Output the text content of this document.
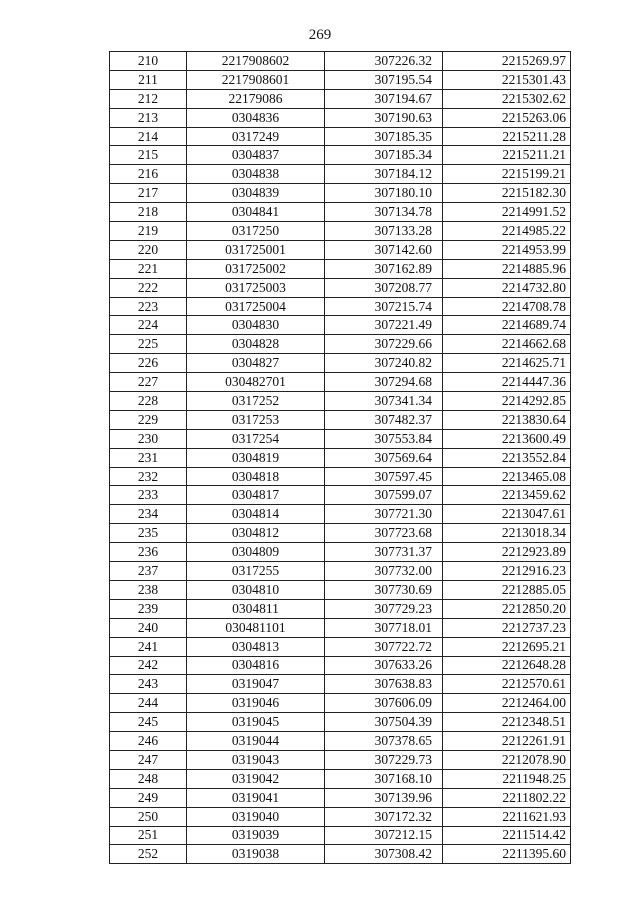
269
210	2217908602	307226.32	2215269.97
211	2217908601	307195.54	2215301.43
212	22179086	307194.67	2215302.62
213	0304836	307190.63	2215263.06
214	0317249	307185.35	2215211.28
215	0304837	307185.34	2215211.21
216	0304838	307184.12	2215199.21
217	0304839	307180.10	2215182.30
218	0304841	307134.78	2214991.52
219	0317250	307133.28	2214985.22
220	031725001	307142.60	2214953.99
221	031725002	307162.89	2214885.96
222	031725003	307208.77	2214732.80
223	031725004	307215.74	2214708.78
224	0304830	307221.49	2214689.74
225	0304828	307229.66	2214662.68
226	0304827	307240.82	2214625.71
227	030482701	307294.68	2214447.36
228	0317252	307341.34	2214292.85
229	0317253	307482.37	2213830.64
230	0317254	307553.84	2213600.49
231	0304819	307569.64	2213552.84
232	0304818	307597.45	2213465.08
233	0304817	307599.07	2213459.62
234	0304814	307721.30	2213047.61
235	0304812	307723.68	2213018.34
236	0304809	307731.37	2212923.89
237	0317255	307732.00	2212916.23
238	0304810	307730.69	2212885.05
239	0304811	307729.23	2212850.20
240	030481101	307718.01	2212737.23
241	0304813	307722.72	2212695.21
242	0304816	307633.26	2212648.28
243	0319047	307638.83	2212570.61
244	0319046	307606.09	2212464.00
245	0319045	307504.39	2212348.51
246	0319044	307378.65	2212261.91
247	0319043	307229.73	2212078.90
248	0319042	307168.10	2211948.25
249	0319041	307139.96	2211802.22
250	0319040	307172.32	2211621.93
251	0319039	307212.15	2211514.42
252	0319038	307308.42	2211395.60
